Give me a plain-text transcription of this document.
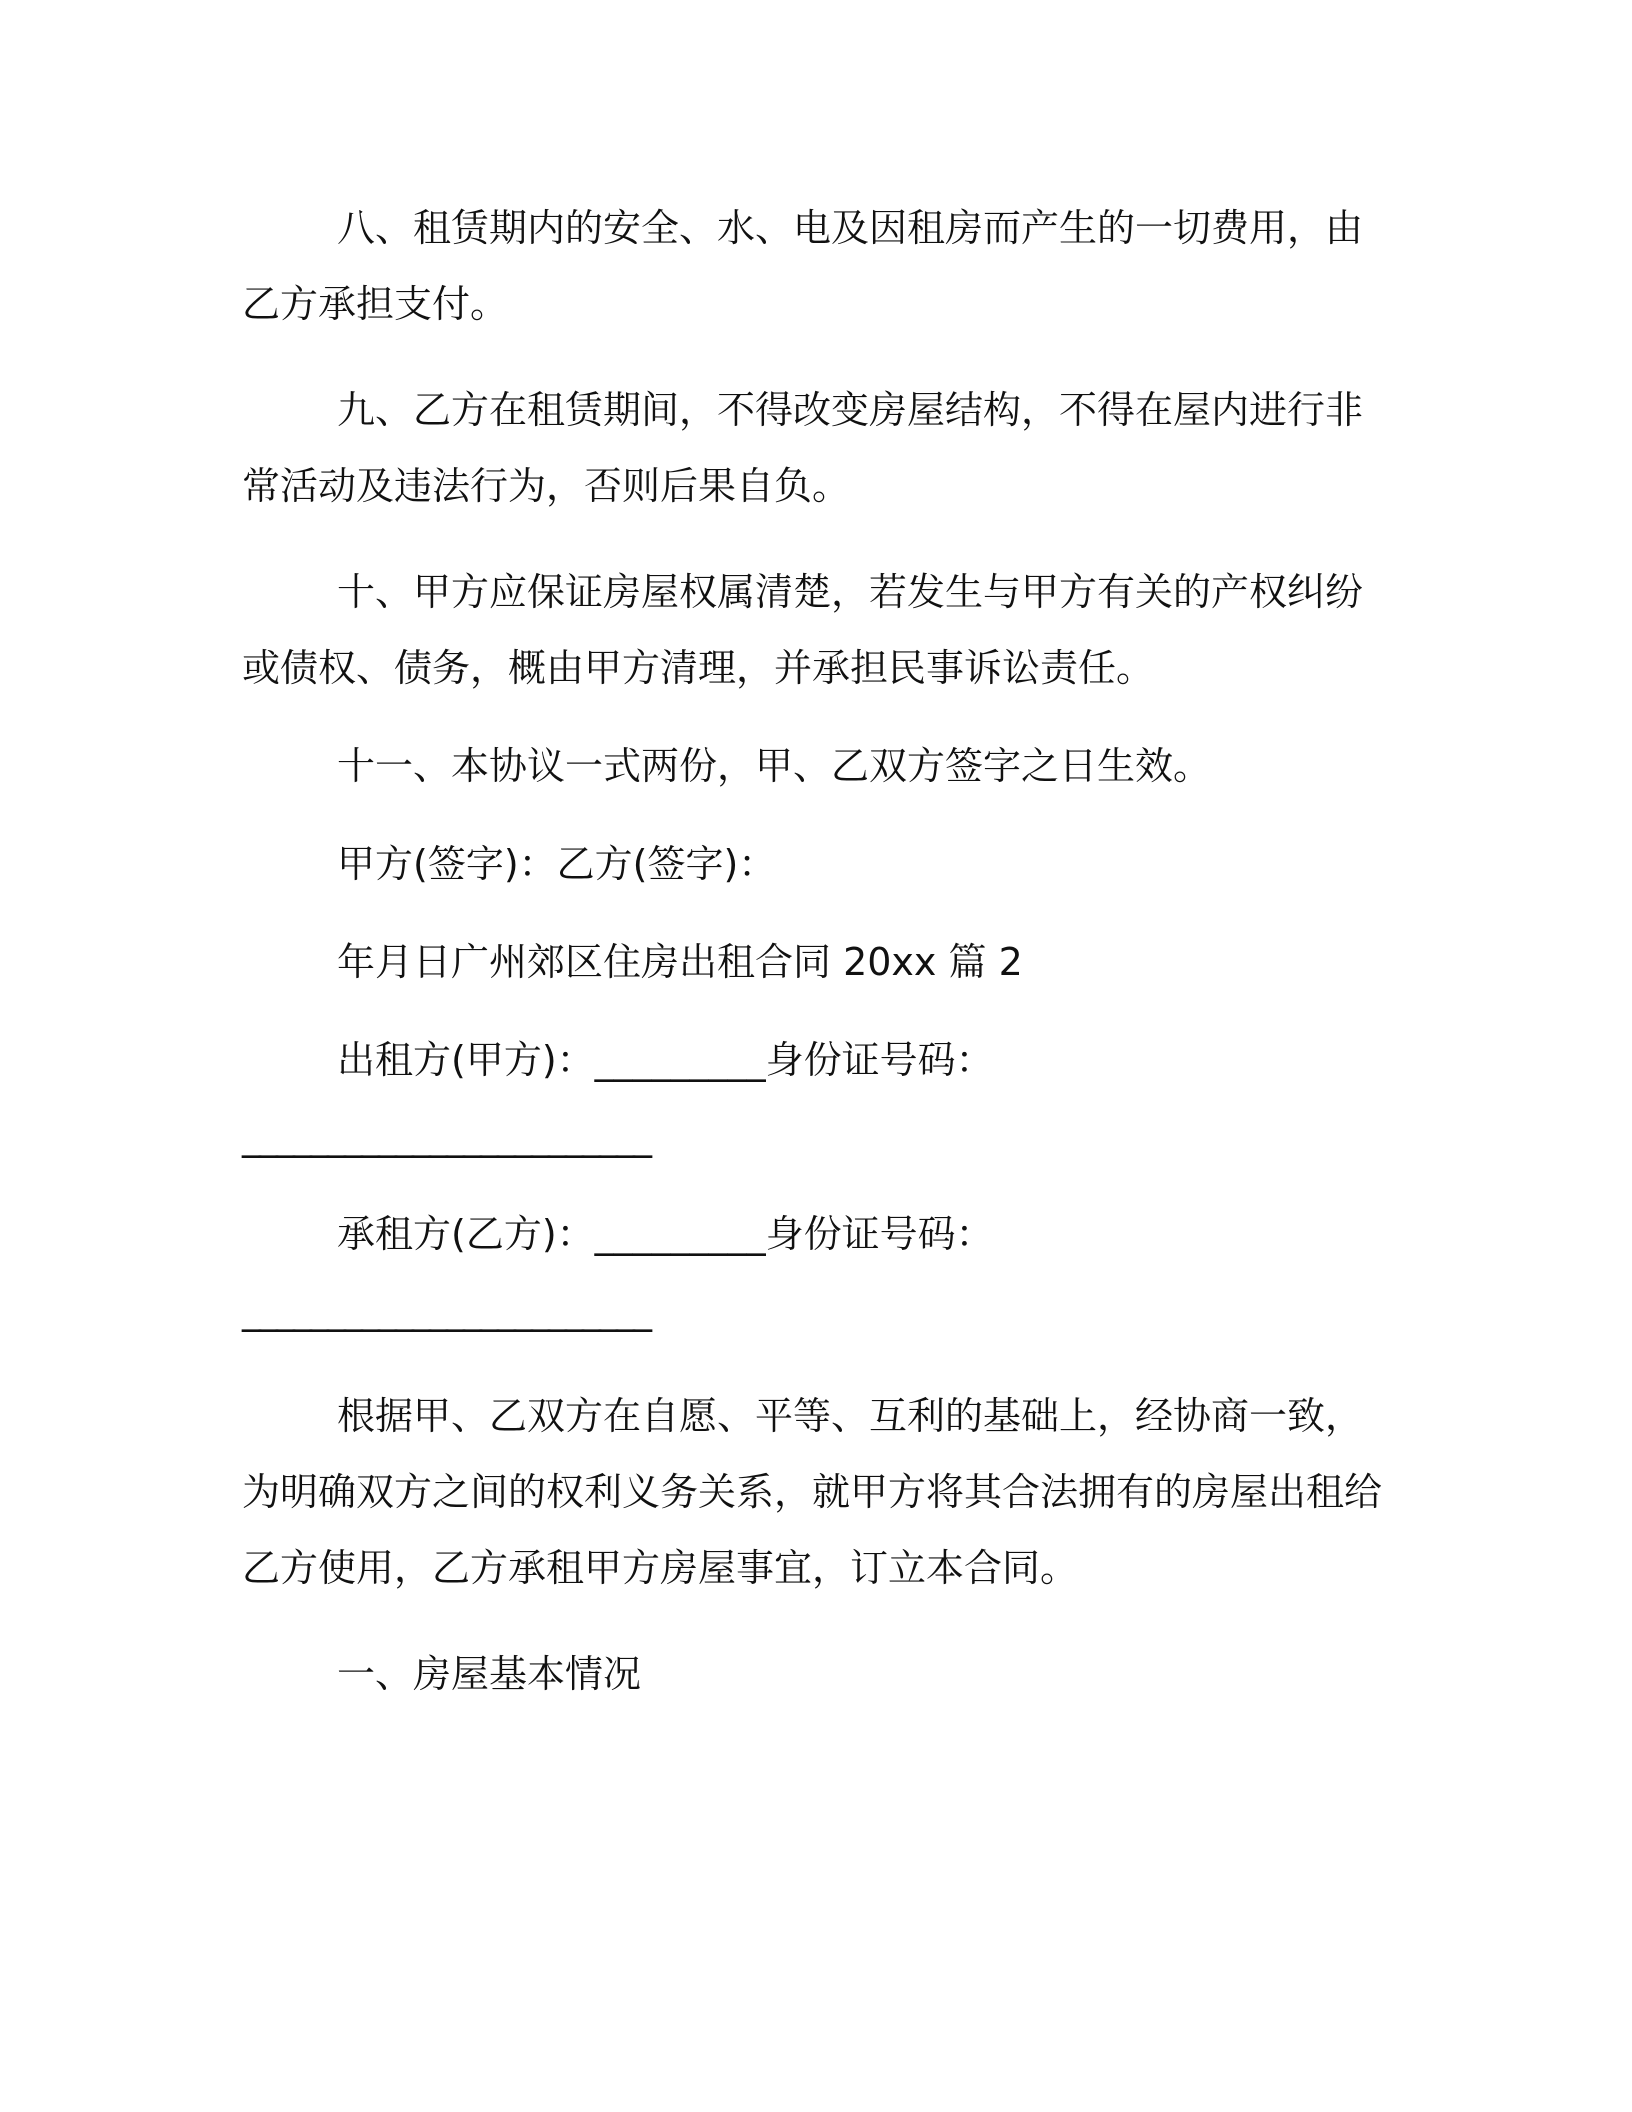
八、租赁期内的安全、水、电及因租房而产生的一切费用，由乙方承担支付。

九、乙方在租赁期间，不得改变房屋结构，不得在屋内进行非常活动及违法行为，否则后果自负。

十、甲方应保证房屋权属清楚，若发生与甲方有关的产权纠纷或债权、债务，概由甲方清理，并承担民事诉讼责任。

十一、本协议一式两份，甲、乙双方签字之日生效。

甲方(签字)：乙方(签字)：

年月日广州郊区住房出租合同 20xx 篇 2

出租方(甲方)：_________身份证号码：

________________________

承租方(乙方)：_________身份证号码：

________________________

根据甲、乙双方在自愿、平等、互利的基础上，经协商一致，为明确双方之间的权利义务关系，就甲方将其合法拥有的房屋出租给乙方使用，乙方承租甲方房屋事宜，订立本合同。

一、房屋基本情况
